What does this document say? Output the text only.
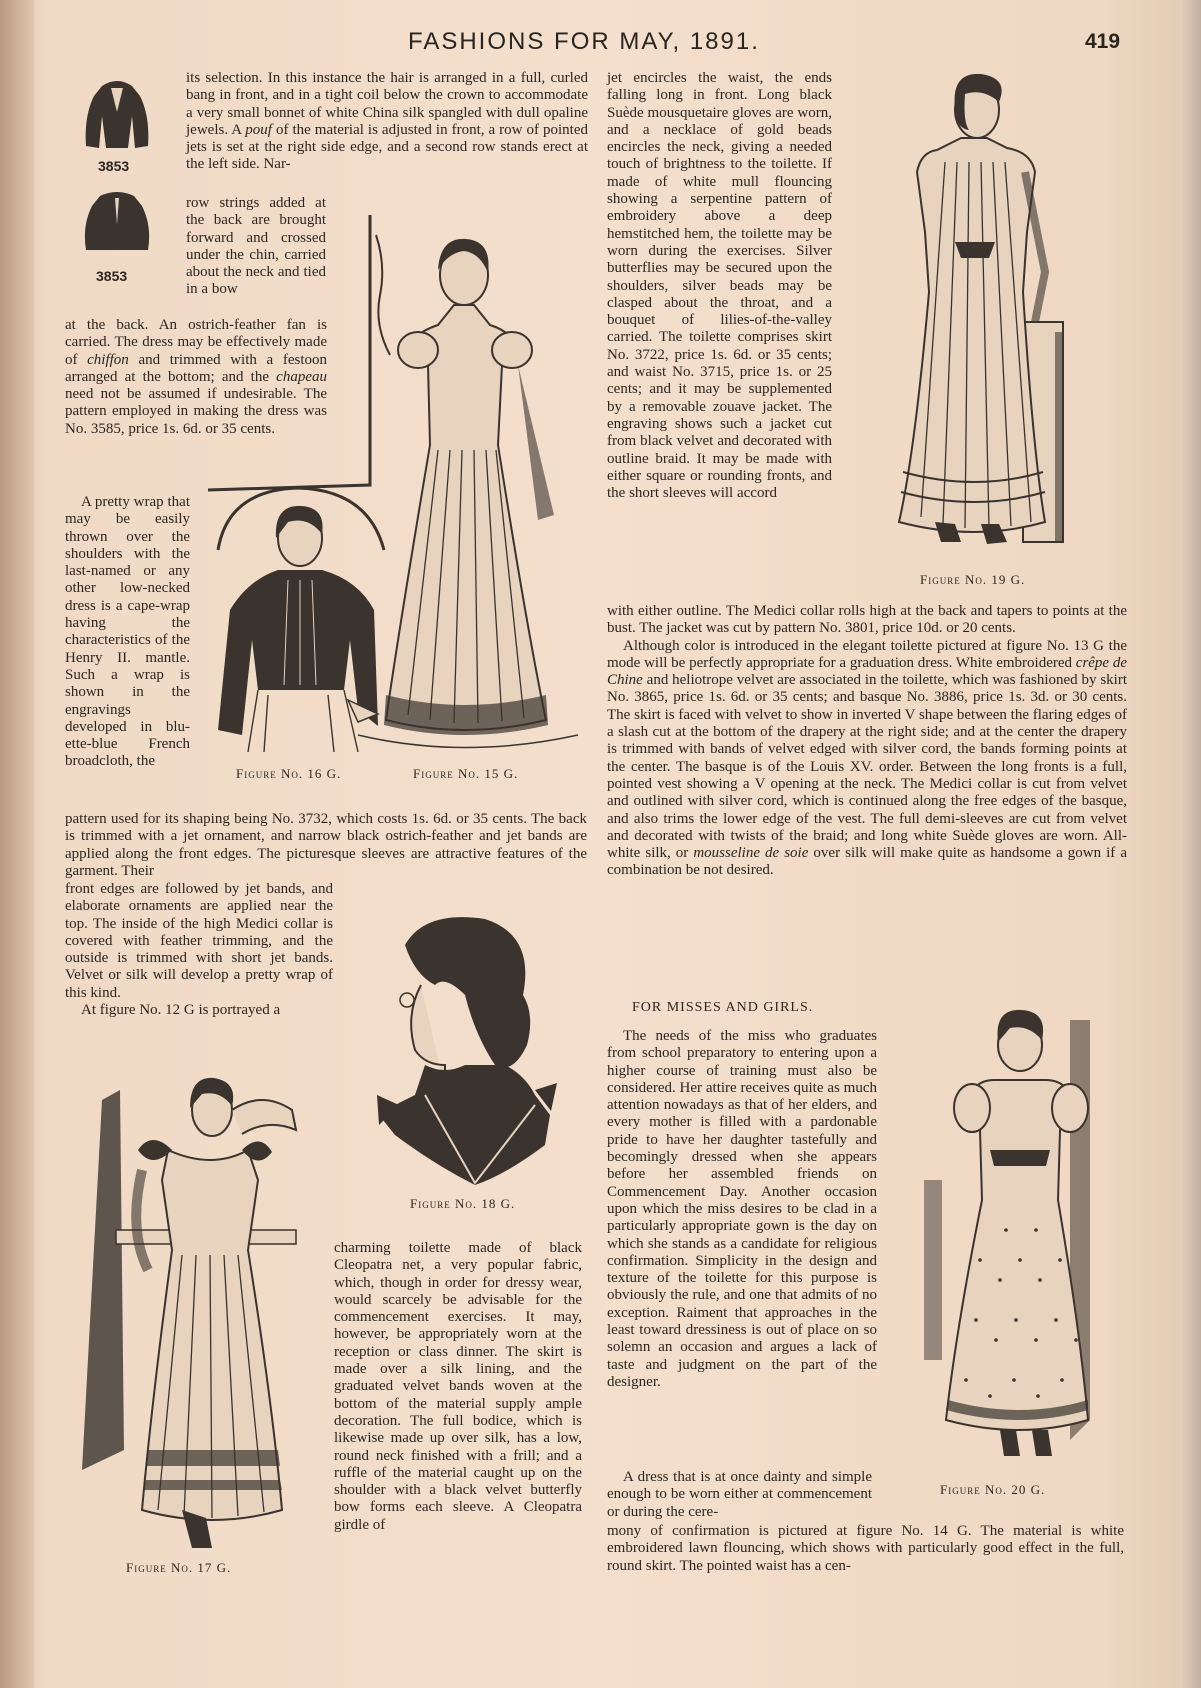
FASHIONS FOR MAY, 1891.	419
3853
3853

its selection. In this instance the hair is arranged in a full, curled bang in front, and in a tight coil below the crown to accommodate a very small bonnet of white China silk spangled with dull opaline jewels. A pouf of the material is adjusted in front, a row of pointed jets is set at the right side edge, and a second row stands erect at the left side. Nar-

row strings added at the back are brought forward and crossed under the chin, carried about the neck and tied in a bow

at the back. An ostrich-feather fan is carried. The dress may be effectively made of chiffon and trimmed with a festoon arranged at the bottom; and the chapeau need not be assumed if undesirable. The pattern employed in making the dress was No. 3585, price 1s. 6d. or 35 cents.

A pretty wrap that may be easily thrown over the shoulders with the last-named or any other low-necked dress is a cape-wrap having the characteristics of the Henry II. mantle. Such a wrap is shown in the engravings developed in blu-ette-blue French broadcloth, the

pattern used for its shaping being No. 3732, which costs 1s. 6d. or 35 cents. The back is trimmed with a jet ornament, and narrow black ostrich-feather and jet bands are applied along the front edges. The picturesque sleeves are attractive features of the garment. Their

front edges are followed by jet bands, and elaborate ornaments are applied near the top. The inside of the high Medici collar is covered with feather trimming, and the outside is trimmed with short jet bands. Velvet or silk will develop a pretty wrap of this kind.

At figure No. 12 G is portrayed a

Figure No. 15 G.
Figure No. 16 G.
Figure No. 18 G.
Figure No. 17 G.

charming toilette made of black Cleopatra net, a very popular fabric, which, though in order for dressy wear, would scarcely be advisable for the commencement exercises. It may, however, be appropriately worn at the reception or class dinner. The skirt is made over a silk lining, and the graduated velvet bands woven at the bottom of the material supply ample decoration. The full bodice, which is likewise made up over silk, has a low, round neck finished with a frill; and a ruffle of the material caught up on the shoulder with a black velvet butterfly bow forms each sleeve. A Cleopatra girdle of

jet encircles the waist, the ends falling long in front. Long black Suède mousquetaire gloves are worn, and a necklace of gold beads encircles the neck, giving a needed touch of brightness to the toilette. If made of white mull flouncing showing a serpentine pattern of embroidery above a deep hemstitched hem, the toilette may be worn during the exercises. Silver butterflies may be secured upon the shoulders, silver beads may be clasped about the throat, and a bouquet of lilies-of-the-valley carried. The toilette comprises skirt No. 3722, price 1s. 6d. or 35 cents; and waist No. 3715, price 1s. or 25 cents; and it may be supplemented by a removable zouave jacket. The engraving shows such a jacket cut from black velvet and decorated with outline braid. It may be made with either square or rounding fronts, and the short sleeves will accord

with either outline. The Medici collar rolls high at the back and tapers to points at the bust. The jacket was cut by pattern No. 3801, price 10d. or 20 cents.

Although color is introduced in the elegant toilette pictured at figure No. 13 G the mode will be perfectly appropriate for a graduation dress. White embroidered crêpe de Chine and heliotrope velvet are associated in the toilette, which was fashioned by skirt No. 3865, price 1s. 6d. or 35 cents; and basque No. 3886, price 1s. 3d. or 30 cents. The skirt is faced with velvet to show in inverted V shape between the flaring edges of a slash cut at the bottom of the drapery at the right side; and at the center the drapery is trimmed with bands of velvet edged with silver cord, the bands forming points at the center. The basque is of the Louis XV. order. Between the long fronts is a full, pointed vest showing a V opening at the neck. The Medici collar is cut from velvet and outlined with silver cord, which is continued along the free edges of the basque, and also trims the lower edge of the vest. The full demi-sleeves are cut from velvet and decorated with twists of the braid; and long white Suède gloves are worn. All-white silk, or mousseline de soie over silk will make quite as handsome a gown if a combination be not desired.

Figure No. 19 G.
FOR MISSES AND GIRLS.

The needs of the miss who graduates from school preparatory to entering upon a higher course of training must also be considered. Her attire receives quite as much attention nowadays as that of her elders, and every mother is filled with a pardonable pride to have her daughter tastefully and becomingly dressed when she appears before her assembled friends on Commencement Day. Another occasion upon which the miss desires to be clad in a particularly appropriate gown is the day on which she stands as a candidate for religious confirmation. Simplicity in the design and texture of the toilette for this purpose is obviously the rule, and one that admits of no exception. Raiment that approaches in the least toward dressiness is out of place on so solemn an occasion and argues a lack of taste and judgment on the part of the designer.

A dress that is at once dainty and simple enough to be worn either at commencement or during the cere-

mony of confirmation is pictured at figure No. 14 G. The material is white embroidered lawn flouncing, which shows with particularly good effect in the full, round skirt. The pointed waist has a cen-

Figure No. 20 G.
